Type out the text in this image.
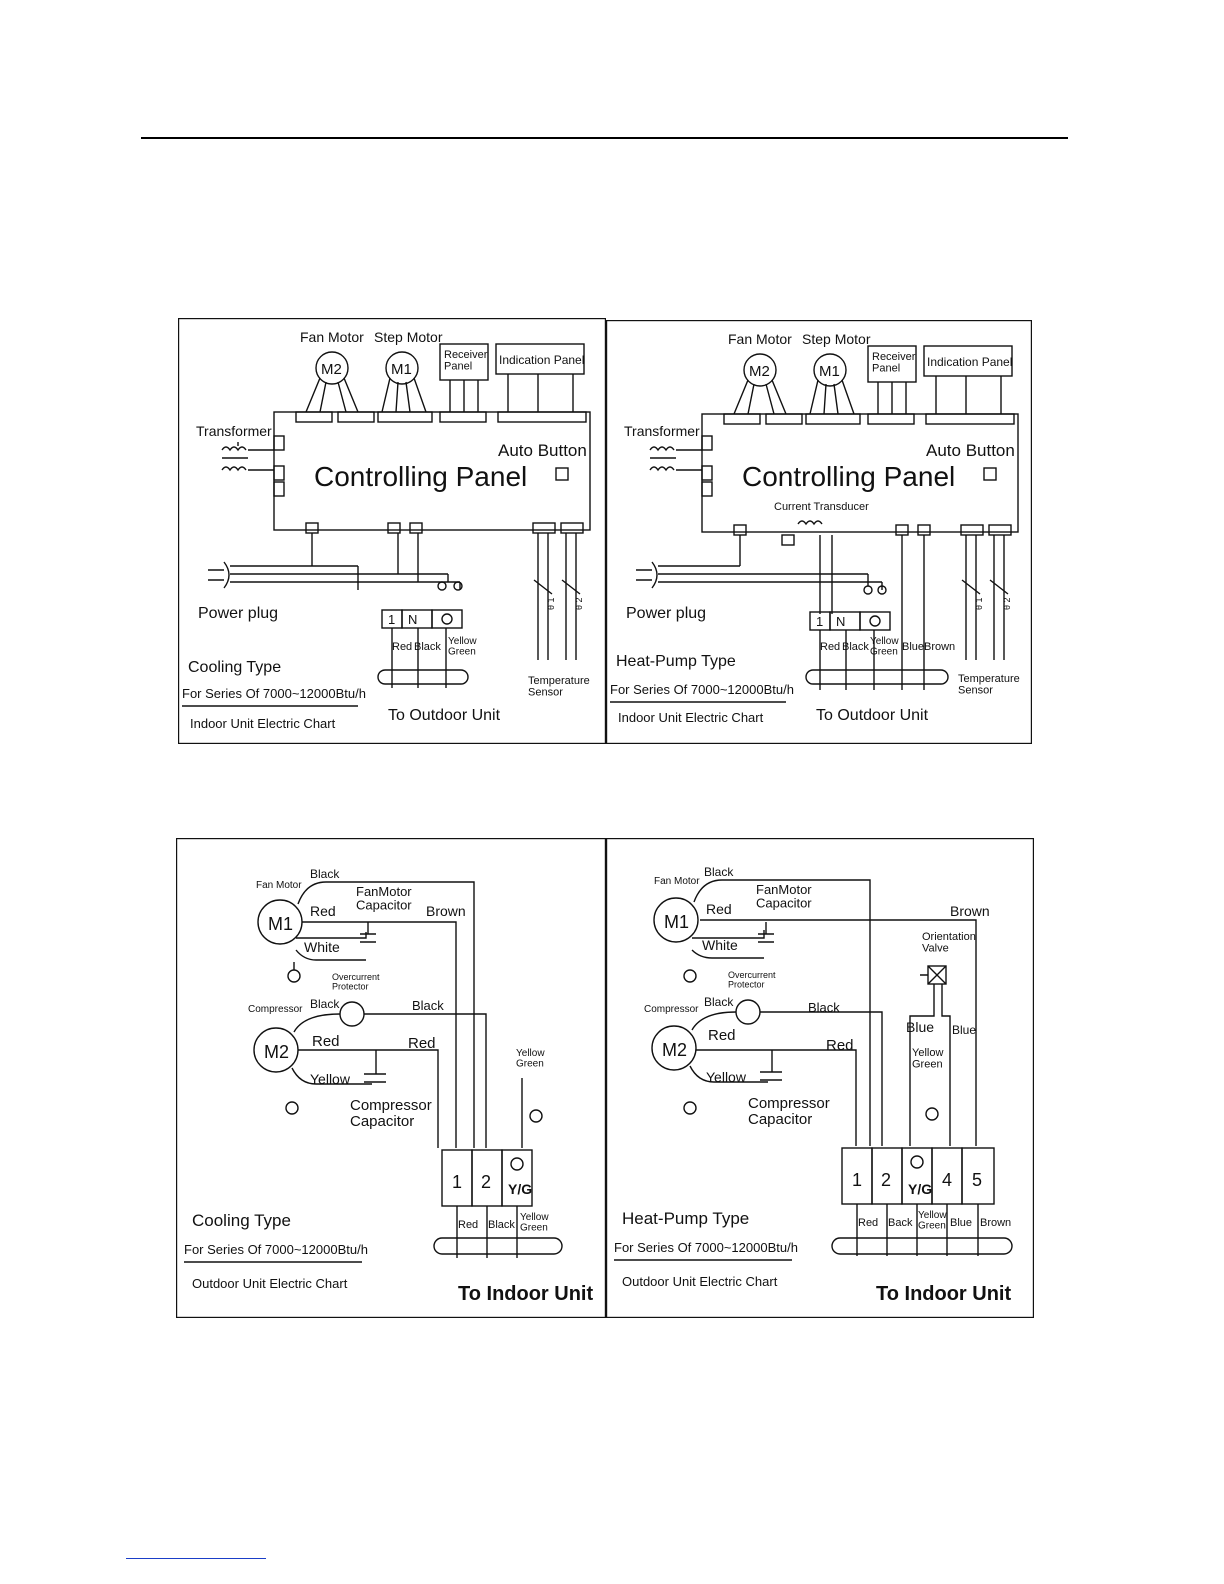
Fan Motor Step Motor
M2	M1
Receiver Panel	Indication Panel
Controlling Panel
Auto Button
Transformer
Power plug	1 N
Red Black Yellow Green
To Outdoor Unit
θ 1 θ 2
Temperature Sensor
Cooling Type
For Series Of 7000~12000Btu/h
Indoor Unit Electric Chart
Fan Motor Step Motor
M2	M1
Receiver Panel	Indication Panel
Controlling Panel
Auto Button
Current Transducer
Transformer
Power plug	1 N
Red Black Yellow Green Blue Brown
To Outdoor Unit
θ 1 θ 2
Temperature Sensor
Heat-Pump Type
For Series Of 7000~12000Btu/h
Indoor Unit Electric Chart
Fan Motor
Black
M1
FanMotor Capacitor
Red	Brown
White
Overcurrent Protector
Compressor Black	Black
M2
Red	Red
Yellow
Compressor Capacitor
Yellow Green
1 2 Y/G
Red Black
Yellow Green
To Indoor Unit
Cooling Type
For Series Of 7000~12000Btu/h
Outdoor Unit Electric Chart
Fan Motor
Black
M1
FanMotor Capacitor
Red	Brown
White	Orientation Valve
Blue Blue
Yellow Green
Overcurrent Protector
Compressor
Black	Black
M2
Red
Red
Yellow
Compressor Capacitor
1 2 Y/G 4 5
Red Back
Yellow Green Blue Brown
To Indoor Unit
Heat-Pump Type
For Series Of 7000~12000Btu/h
Outdoor Unit Electric Chart
